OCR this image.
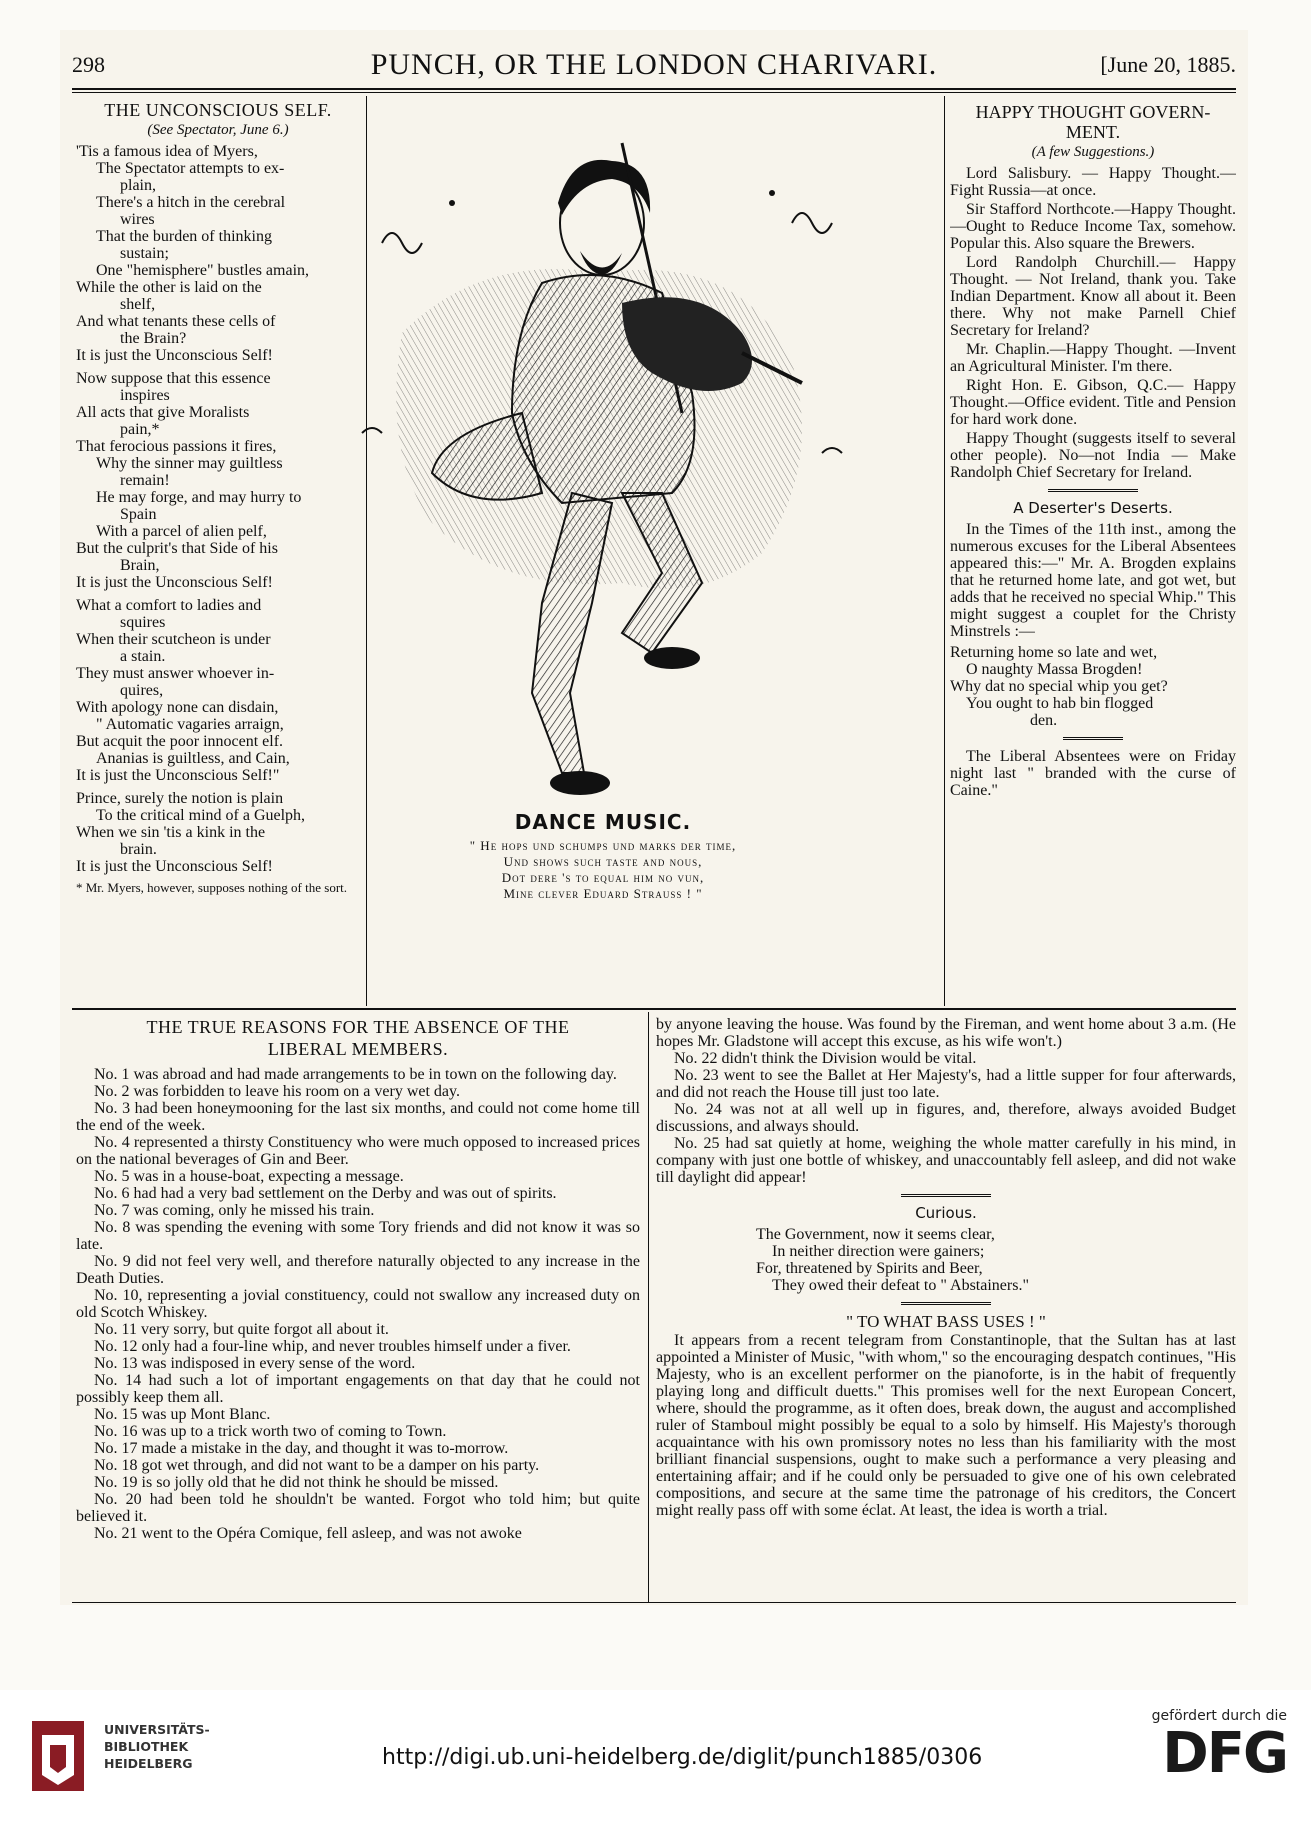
298	PUNCH, OR THE LONDON CHARIVARI.	[June 20, 1885.
THE UNCONSCIOUS SELF.
(See Spectator, June 6.)
'Tis a famous idea of Myers,
The Spectator attempts to ex-
plain,
There's a hitch in the cerebral
wires
That the burden of thinking
sustain;
One "hemisphere" bustles amain,
While the other is laid on the
shelf,
And what tenants these cells of
the Brain?
It is just the Unconscious Self!
Now suppose that this essence
inspires
All acts that give Moralists
pain,*
That ferocious passions it fires,
Why the sinner may guiltless
remain!
He may forge, and may hurry to
Spain
With a parcel of alien pelf,
But the culprit's that Side of his
Brain,
It is just the Unconscious Self!
What a comfort to ladies and
squires
When their scutcheon is under
a stain.
They must answer whoever in-
quires,
With apology none can disdain,
" Automatic vagaries arraign,
But acquit the poor innocent elf.
Ananias is guiltless, and Cain,
It is just the Unconscious Self!"
Prince, surely the notion is plain
To the critical mind of a Guelph,
When we sin 'tis a kink in the
brain.
It is just the Unconscious Self!
* Mr. Myers, however, supposes nothing of the sort.
DANCE MUSIC.
" He hops und schumps und marks der time,
Und shows such taste and nous,
Dot dere 's to equal him no vun,
Mine clever Eduard Strauss ! "
HAPPY THOUGHT GOVERN-MENT.
(A few Suggestions.)

Lord Salisbury. — Happy Thought.—Fight Russia—at once.

Sir Stafford Northcote.—Happy Thought.—Ought to Reduce Income Tax, somehow. Popular this. Also square the Brewers.

Lord Randolph Churchill.— Happy Thought. — Not Ireland, thank you. Take Indian Department. Know all about it. Been there. Why not make Parnell Chief Secretary for Ireland?

Mr. Chaplin.—Happy Thought. —Invent an Agricultural Minister. I'm there.

Right Hon. E. Gibson, Q.C.— Happy Thought.—Office evident. Title and Pension for hard work done.

Happy Thought (suggests itself to several other people). No—not India — Make Randolph Chief Secretary for Ireland.

A Deserter's Deserts.

In the Times of the 11th inst., among the numerous excuses for the Liberal Absentees appeared this:—" Mr. A. Brogden explains that he returned home late, and got wet, but adds that he received no special Whip." This might suggest a couplet for the Christy Minstrels :—

Returning home so late and wet,
O naughty Massa Brogden!
Why dat no special whip you get?
You ought to hab bin flogged
den.

The Liberal Absentees were on Friday night last " branded with the curse of Caine."

THE TRUE REASONS FOR THE ABSENCE OF THE LIBERAL MEMBERS.

No. 1 was abroad and had made arrangements to be in town on the following day.

No. 2 was forbidden to leave his room on a very wet day.

No. 3 had been honeymooning for the last six months, and could not come home till the end of the week.

No. 4 represented a thirsty Constituency who were much opposed to increased prices on the national beverages of Gin and Beer.

No. 5 was in a house-boat, expecting a message.

No. 6 had had a very bad settlement on the Derby and was out of spirits.

No. 7 was coming, only he missed his train.

No. 8 was spending the evening with some Tory friends and did not know it was so late.

No. 9 did not feel very well, and therefore naturally objected to any increase in the Death Duties.

No. 10, representing a jovial constituency, could not swallow any increased duty on old Scotch Whiskey.

No. 11 very sorry, but quite forgot all about it.

No. 12 only had a four-line whip, and never troubles himself under a fiver.

No. 13 was indisposed in every sense of the word.

No. 14 had such a lot of important engagements on that day that he could not possibly keep them all.

No. 15 was up Mont Blanc.

No. 16 was up to a trick worth two of coming to Town.

No. 17 made a mistake in the day, and thought it was to-morrow.

No. 18 got wet through, and did not want to be a damper on his party.

No. 19 is so jolly old that he did not think he should be missed.

No. 20 had been told he shouldn't be wanted. Forgot who told him; but quite believed it.

No. 21 went to the Opéra Comique, fell asleep, and was not awoke

by anyone leaving the house. Was found by the Fireman, and went home about 3 a.m. (He hopes Mr. Gladstone will accept this excuse, as his wife won't.)

No. 22 didn't think the Division would be vital.

No. 23 went to see the Ballet at Her Majesty's, had a little supper for four afterwards, and did not reach the House till just too late.

No. 24 was not at all well up in figures, and, therefore, always avoided Budget discussions, and always should.

No. 25 had sat quietly at home, weighing the whole matter carefully in his mind, in company with just one bottle of whiskey, and unaccountably fell asleep, and did not wake till daylight did appear!

Curious.
The Government, now it seems clear,
In neither direction were gainers;
For, threatened by Spirits and Beer,
They owed their defeat to " Abstainers."
" TO WHAT BASS USES ! "

It appears from a recent telegram from Constantinople, that the Sultan has at last appointed a Minister of Music, "with whom," so the encouraging despatch continues, "His Majesty, who is an excellent performer on the pianoforte, is in the habit of frequently playing long and difficult duetts." This promises well for the next European Concert, where, should the programme, as it often does, break down, the august and accomplished ruler of Stamboul might possibly be equal to a solo by himself. His Majesty's thorough acquaintance with his own promissory notes no less than his familiarity with the most brilliant financial suspensions, ought to make such a performance a very pleasing and entertaining affair; and if he could only be persuaded to give one of his own celebrated compositions, and secure at the same time the patronage of his creditors, the Concert might really pass off with some éclat. At least, the idea is worth a trial.

UNIVERSITÄTS-
BIBLIOTHEK
HEIDELBERG	http://digi.ub.uni-heidelberg.de/diglit/punch1885/0306
gefördert durch die
DFG
